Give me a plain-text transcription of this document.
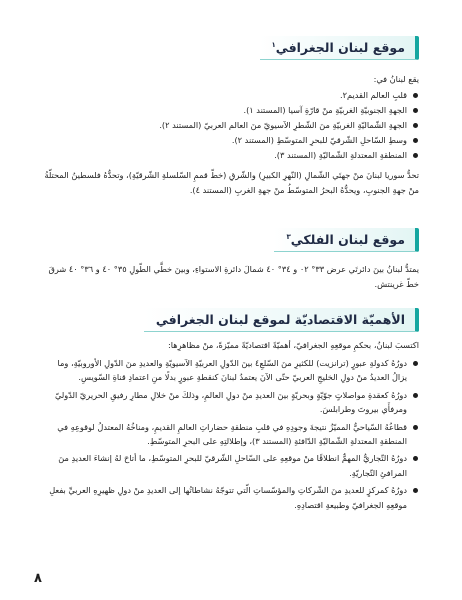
موقع لبنان الجغرافي$^١$

يقع لبنانُ في:

قلبِ العالم القديم٢.
الجهةِ الجنوبيّةِ الغربيّةِ منْ قارّةِ آسيا (المستند ١).
الجهةِ الشّماليّةِ الغربيّةِ منَ الشّطرِ الآسيويّ منَ العالم العربيّ (المستند ٢).
وسطِ السّاحلِ الشّرقيّ للبحرِ المتوسّطِ (المستند ٢).
المنطقةِ المعتدلةِ الشّماليّةِ (المستند ٣).

تحدُّ سوريا لبنانَ منْ جهتَي الشّمالِ (النّهرِ الكبيرِ) والشّرقِ (خطّ قممِ السّلسلةِ الشّرقيّةِ)، وتحدُّهُ فلسطينُ المحتلّةُ منْ جهةِ الجنوبِ، ويحدُّهُ البحرُ المتوسّطُ منْ جهةِ الغربِ (المستند ٤).

موقع لبنان الفلكي$^٣$

يمتدُّ لبنانُ بينَ دائرتَي عرض ٣٣° ٠٢ و ٣٤° ٤٠ شمالَ دائرةِ الاستواءِ، وبينَ خطَّي الطّولِ ٣٥° ٤٠ و ٣٦° ٤٠ شرقَ خطّ غرينتش.

الأهميّة الاقتصاديّة لموقع لبنان الجغرافي

اكتسبَ لبنانُ، بحكمِ موقعِهِ الجغرافيّ، أهميّةً اقتصاديّةً مميّزةً، منْ مظاهرِها:

دورُهُ كدولةِ عبورٍ (ترانزيت) للكثيرِ منَ السّلعِ٤ بينَ الدّولِ العربيّةِ الآسيويّةِ والعديدِ منَ الدّولِ الأوروبيّةِ، وما يزالُ العديدُ منْ دولِ الخليجِ العربيّ حتّى الآنَ يعتمدُ لبنانَ كنقطةِ عبورٍ بدلًا منِ اعتمادِ قناةِ السّويسِ.
دورُهُ كعقدةِ مواصلاتٍ جوّيّةٍ وبحريّةٍ بينَ العديدِ منْ دولِ العالمِ، وذلكَ منْ خلالِ مطارِ رفيقِ الحريريّ الدّوليّ ومرفأَي بيروتَ وطرابلسَ.
قطاعُهُ السّياحيُّ المميّزُ نتيجةَ وجودِهِ في قلبِ منطقةِ حضاراتِ العالمِ القديمِ، ومناخُهُ المعتدلُ لوقوعِهِ في المنطقةِ المعتدلةِ الشّماليّةِ الدّافئةِ (المستند ٣)، وإطلالتِهِ على البحرِ المتوسّطِ.
دورُهُ التّجاريُّ المهمُّ انطلاقًا منْ موقعِهِ على السّاحلِ الشّرقيّ للبحرِ المتوسّطِ، ما أتاحَ لهُ إنشاءَ العديدِ منَ المرافئِ التّجاريّةِ.
دورُهُ كمركزٍ للعديدِ منَ الشّركاتِ والمؤسّساتِ الّتي تتوجّهُ نشاطاتُها إلى العديدِ منْ دولِ ظهيرِهِ العربيِّ بفعلِ موقعِهِ الجغرافيّ وطبيعةِ اقتصادِهِ.
٨
